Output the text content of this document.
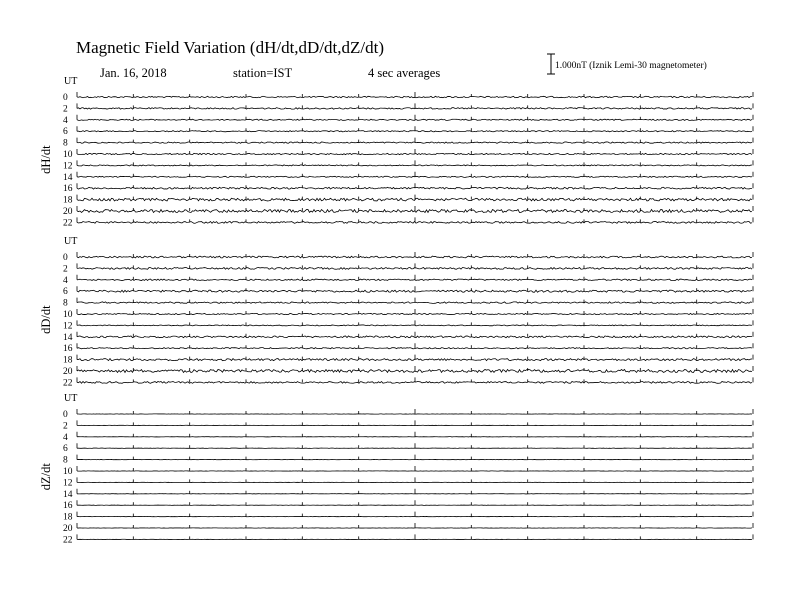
Magnetic Field Variation (dH/dt,dD/dt,dZ/dt)
Jan. 16, 2018	station=IST	4 sec averages	1.000nT (Iznik Lemi-30 magnetometer)
UT
dH/dt
0
2
4
6
8
10
12
14
16
18
20
22
UT
dD/dt
0
2
4
6
8
10
12
14
16
18
20
22
UT
dZ/dt
0
2
4
6
8
10
12
14
16
18
20
22
